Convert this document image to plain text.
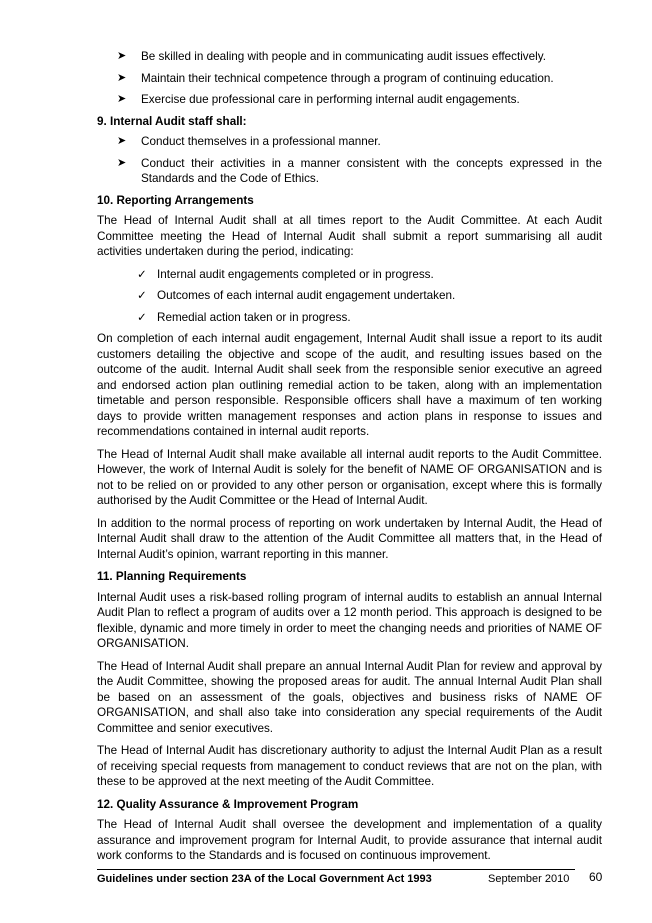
➤	Be skilled in dealing with people and in communicating audit issues effectively.
➤	Maintain their technical competence through a program of continuing education.
➤	Exercise due professional care in performing internal audit engagements.
9. Internal Audit staff shall:
➤	Conduct themselves in a professional manner.
➤	Conduct their activities in a manner consistent with the concepts expressed in the Standards and the Code of Ethics.
10. Reporting Arrangements

The Head of Internal Audit shall at all times report to the Audit Committee. At each Audit Committee meeting the Head of Internal Audit shall submit a report summarising all audit activities undertaken during the period, indicating:

✓ Internal audit engagements completed or in progress.
✓ Outcomes of each internal audit engagement undertaken.
✓ Remedial action taken or in progress.

On completion of each internal audit engagement, Internal Audit shall issue a report to its audit customers detailing the objective and scope of the audit, and resulting issues based on the outcome of the audit. Internal Audit shall seek from the responsible senior executive an agreed and endorsed action plan outlining remedial action to be taken, along with an implementation timetable and person responsible. Responsible officers shall have a maximum of ten working days to provide written management responses and action plans in response to issues and recommendations contained in internal audit reports.

The Head of Internal Audit shall make available all internal audit reports to the Audit Committee. However, the work of Internal Audit is solely for the benefit of NAME OF ORGANISATION and is not to be relied on or provided to any other person or organisation, except where this is formally authorised by the Audit Committee or the Head of Internal Audit.

In addition to the normal process of reporting on work undertaken by Internal Audit, the Head of Internal Audit shall draw to the attention of the Audit Committee all matters that, in the Head of Internal Audit’s opinion, warrant reporting in this manner.

11. Planning Requirements

Internal Audit uses a risk-based rolling program of internal audits to establish an annual Internal Audit Plan to reflect a program of audits over a 12 month period. This approach is designed to be flexible, dynamic and more timely in order to meet the changing needs and priorities of NAME OF ORGANISATION.

The Head of Internal Audit shall prepare an annual Internal Audit Plan for review and approval by the Audit Committee, showing the proposed areas for audit. The annual Internal Audit Plan shall be based on an assessment of the goals, objectives and business risks of NAME OF ORGANISATION, and shall also take into consideration any special requirements of the Audit Committee and senior executives.

The Head of Internal Audit has discretionary authority to adjust the Internal Audit Plan as a result of receiving special requests from management to conduct reviews that are not on the plan, with these to be approved at the next meeting of the Audit Committee.

12. Quality Assurance & Improvement Program

The Head of Internal Audit shall oversee the development and implementation of a quality assurance and improvement program for Internal Audit, to provide assurance that internal audit work conforms to the Standards and is focused on continuous improvement.

Guidelines under section 23A of the Local Government Act 1993	September 2010 60
